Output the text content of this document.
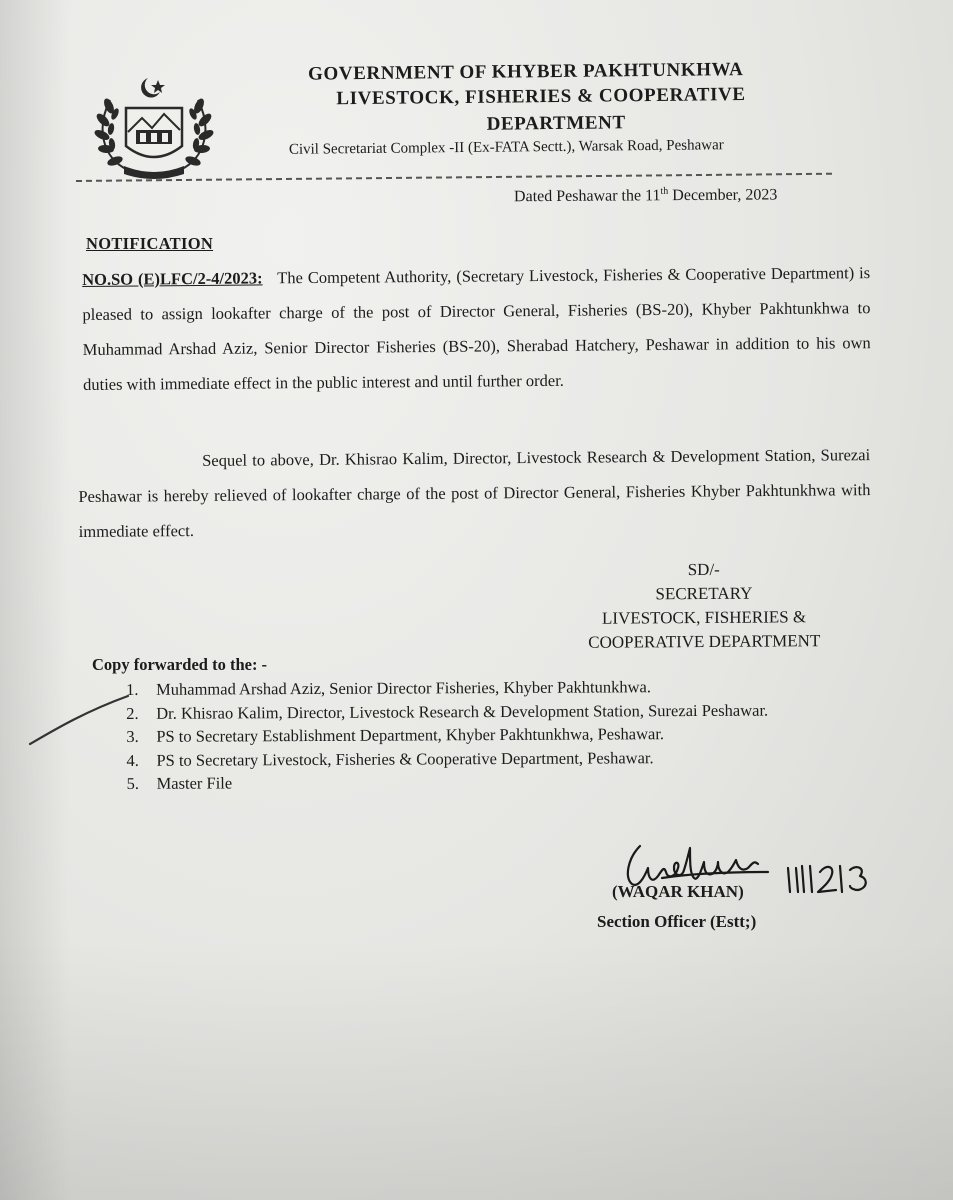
GOVERNMENT OF KHYBER PAKHTUNKHWA
LIVESTOCK, FISHERIES & COOPERATIVE
DEPARTMENT
Civil Secretariat Complex -II (Ex-FATA Sectt.), Warsak Road, Peshawar
Dated Peshawar the 11th December, 2023
NOTIFICATION
NO.SO (E)LFC/2-4/2023: The Competent Authority, (Secretary Livestock, Fisheries & Cooperative Department) is pleased to assign lookafter charge of the post of Director General, Fisheries (BS-20), Khyber Pakhtunkhwa to Muhammad Arshad Aziz, Senior Director Fisheries (BS-20), Sherabad Hatchery, Peshawar in addition to his own duties with immediate effect in the public interest and until further order.
Sequel to above, Dr. Khisrao Kalim, Director, Livestock Research & Development Station, Surezai Peshawar is hereby relieved of lookafter charge of the post of Director General, Fisheries Khyber Pakhtunkhwa with immediate effect.
SD/-
SECRETARY
LIVESTOCK, FISHERIES &
COOPERATIVE DEPARTMENT
Copy forwarded to the: -
1. Muhammad Arshad Aziz, Senior Director Fisheries, Khyber Pakhtunkhwa.
2. Dr. Khisrao Kalim, Director, Livestock Research & Development Station, Surezai Peshawar.
3. PS to Secretary Establishment Department, Khyber Pakhtunkhwa, Peshawar.
4. PS to Secretary Livestock, Fisheries & Cooperative Department, Peshawar.
5. Master File
(WAQAR KHAN)
Section Officer (Estt;)
